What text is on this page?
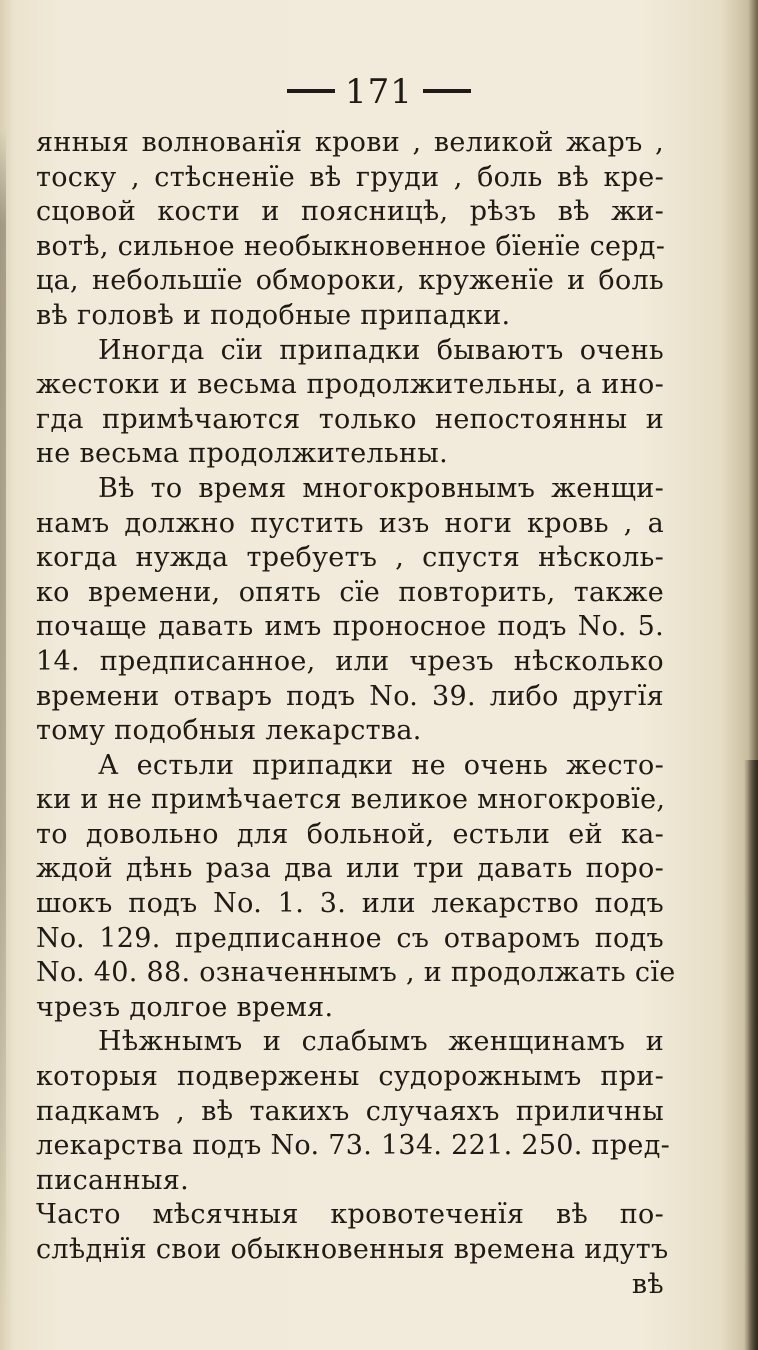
171
янныя волнованїя крови , великой жаръ ,
тоску , стѣсненїе вѣ груди , боль вѣ кре-
сцовой кости и поясницѣ, рѣзъ вѣ жи-
вотѣ, сильное необыкновенное бїенїе серд-
ца, небольшїе обмороки, круженїе и боль
вѣ головѣ и подобные припадки.
Иногда сїи припадки бываютъ очень
жестоки и весьма продолжительны, а ино-
гда примѣчаются только непостоянны и
не весьма продолжительны.
Вѣ то время многокровнымъ женщи-
намъ должно пустить изъ ноги кровь , а
когда нужда требуетъ , спустя нѣсколь-
ко времени, опять сїе повторить, также
почаще давать имъ проносное подъ No. 5.
14. предписанное, или чрезъ нѣсколько
времени отваръ подъ No. 39. либо другїя
тому подобныя лекарства.
А естьли припадки не очень жесто-
ки и не примѣчается великое многокровїе,
то довольно для больной, естьли ей ка-
ждой дѣнь раза два или три давать поро-
шокъ подъ No. 1. 3. или лекарство подъ
No. 129. предписанное съ отваромъ подъ
No. 40. 88. означеннымъ , и продолжать сїе
чрезъ долгое время.
Нѣжнымъ и слабымъ женщинамъ и
которыя подвержены судорожнымъ при-
падкамъ , вѣ такихъ случаяхъ приличны
лекарства подъ No. 73. 134. 221. 250. пред-
писанныя.
Часто мѣсячныя кровотеченїя вѣ по-
слѣднїя свои обыкновенныя времена идутъ
вѣ
